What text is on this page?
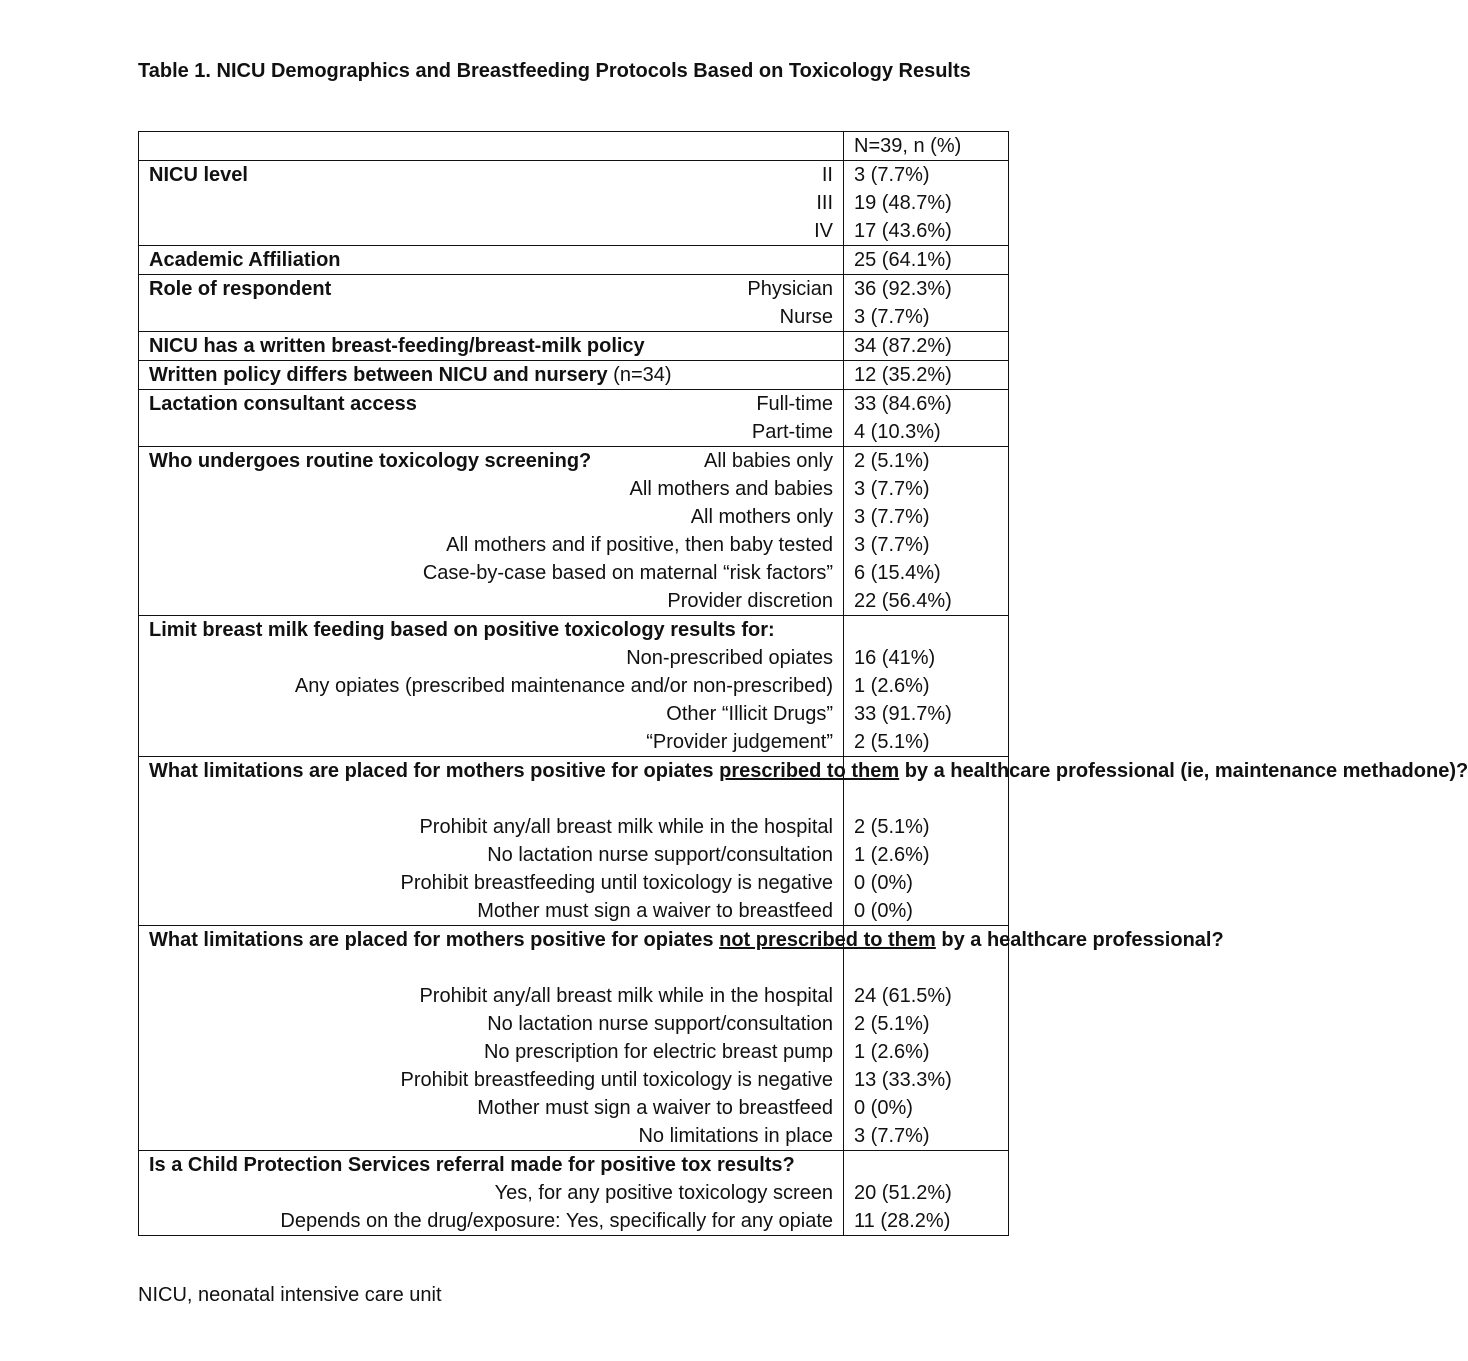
Table 1. NICU Demographics and Breastfeeding Protocols Based on Toxicology Results
	N=39, n (%)

NICU level II	3 (7.7%)
III	19 (48.7%)
IV	17 (43.6%)
Academic Affiliation	25 (64.1%)

Role of respondent Physician	36 (92.3%)
Nurse	3 (7.7%)
NICU has a written breast-feeding/breast-milk policy	34 (87.2%)
Written policy differs between NICU and nursery (n=34)	12 (35.2%)

Lactation consultant access Full-time	33 (84.6%)
Part-time	4 (10.3%)

Who undergoes routine toxicology screening? All babies only	2 (5.1%)
All mothers and babies	3 (7.7%)
All mothers only	3 (7.7%)
All mothers and if positive, then baby tested	3 (7.7%)
Case-by-case based on maternal “risk factors”	6 (15.4%)
Provider discretion	22 (56.4%)
Limit breast milk feeding based on positive toxicology results for:	
Non-prescribed opiates	16 (41%)
Any opiates (prescribed maintenance and/or non-prescribed)	1 (2.6%)
Other “Illicit Drugs”	33 (91.7%)
“Provider judgement”	2 (5.1%)
What limitations are placed for mothers positive for opiates prescribed to them by a healthcare professional (ie, maintenance methadone)?	
Prohibit any/all breast milk while in the hospital	2 (5.1%)
No lactation nurse support/consultation	1 (2.6%)
Prohibit breastfeeding until toxicology is negative	0 (0%)
Mother must sign a waiver to breastfeed	0 (0%)
What limitations are placed for mothers positive for opiates not prescribed to them by a healthcare professional?	
Prohibit any/all breast milk while in the hospital	24 (61.5%)
No lactation nurse support/consultation	2 (5.1%)
No prescription for electric breast pump	1 (2.6%)
Prohibit breastfeeding until toxicology is negative	13 (33.3%)
Mother must sign a waiver to breastfeed	0 (0%)
No limitations in place	3 (7.7%)
Is a Child Protection Services referral made for positive tox results?	
Yes, for any positive toxicology screen	20 (51.2%)
Depends on the drug/exposure: Yes, specifically for any opiate	11 (28.2%)
NICU, neonatal intensive care unit
